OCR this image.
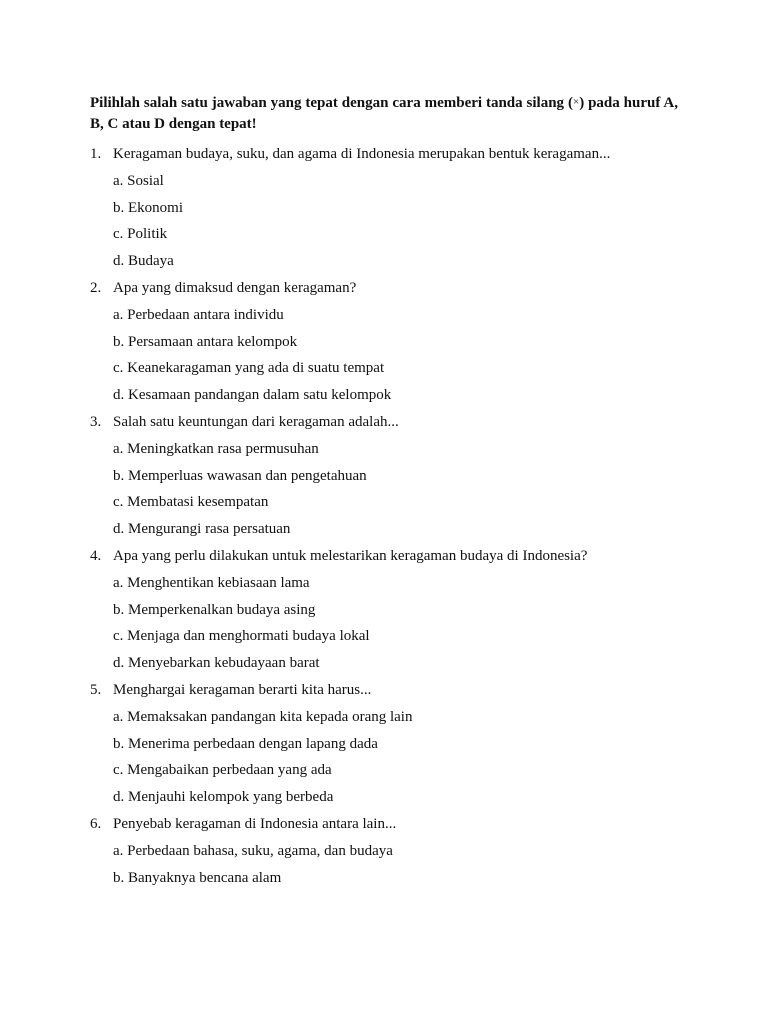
Pilihlah salah satu jawaban yang tepat dengan cara memberi tanda silang (×) pada huruf A, B, C atau D dengan tepat!

1. Keragaman budaya, suku, dan agama di Indonesia merupakan bentuk keragaman...
a. Sosial
b. Ekonomi
c. Politik
d. Budaya
2. Apa yang dimaksud dengan keragaman?
a. Perbedaan antara individu
b. Persamaan antara kelompok
c. Keanekaragaman yang ada di suatu tempat
d. Kesamaan pandangan dalam satu kelompok
3. Salah satu keuntungan dari keragaman adalah...
a. Meningkatkan rasa permusuhan
b. Memperluas wawasan dan pengetahuan
c. Membatasi kesempatan
d. Mengurangi rasa persatuan
4. Apa yang perlu dilakukan untuk melestarikan keragaman budaya di Indonesia?
a. Menghentikan kebiasaan lama
b. Memperkenalkan budaya asing
c. Menjaga dan menghormati budaya lokal
d. Menyebarkan kebudayaan barat
5. Menghargai keragaman berarti kita harus...
a. Memaksakan pandangan kita kepada orang lain
b. Menerima perbedaan dengan lapang dada
c. Mengabaikan perbedaan yang ada
d. Menjauhi kelompok yang berbeda
6. Penyebab keragaman di Indonesia antara lain...
a. Perbedaan bahasa, suku, agama, dan budaya
b. Banyaknya bencana alam
